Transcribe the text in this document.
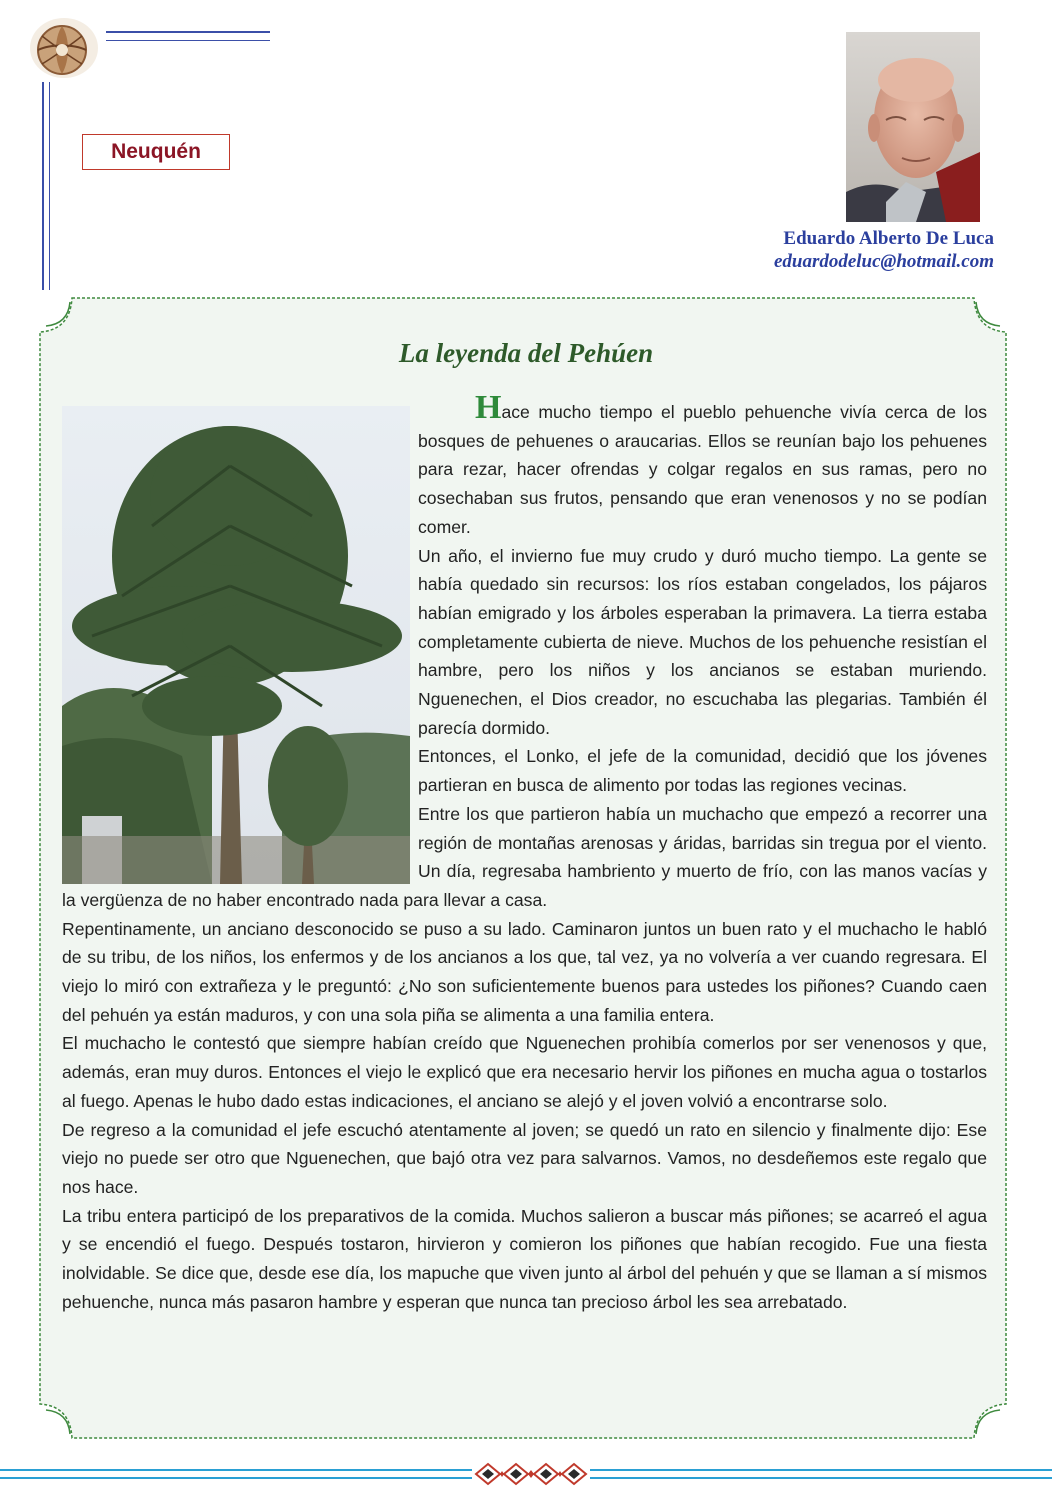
Neuquén
Eduardo Alberto De Luca
eduardodeluc@hotmail.com
La leyenda del Pehúen

Hace mucho tiempo el pueblo pehuenche vivía cerca de los bosques de pehuenes o araucarias. Ellos se reunían bajo los pehuenes para rezar, hacer ofrendas y colgar regalos en sus ramas, pero no cosechaban sus frutos, pensando que eran venenosos y no se podían comer.

Un año, el invierno fue muy crudo y duró mucho tiempo. La gente se había quedado sin recursos: los ríos estaban congelados, los pájaros habían emigrado y los árboles esperaban la primavera. La tierra estaba completamente cubierta de nieve. Muchos de los pehuenche resistían el hambre, pero los niños y los ancianos se estaban muriendo. Nguenechen, el Dios creador, no escuchaba las plegarias. También él parecía dormido.

Entonces, el Lonko, el jefe de la comunidad, decidió que los jóvenes partieran en busca de alimento por todas las regiones vecinas.

Entre los que partieron había un muchacho que empezó a recorrer una región de montañas arenosas y áridas, barridas sin tregua por el viento. Un día, regresaba hambriento y muerto de frío, con las manos vacías y la vergüenza de no haber encontrado nada para llevar a casa.

Repentinamente, un anciano desconocido se puso a su lado. Caminaron juntos un buen rato y el muchacho le habló de su tribu, de los niños, los enfermos y de los ancianos a los que, tal vez, ya no volvería a ver cuando regresara. El viejo lo miró con extrañeza y le preguntó: ¿No son suficientemente buenos para ustedes los piñones? Cuando caen del pehuén ya están maduros, y con una sola piña se alimenta a una familia entera.

El muchacho le contestó que siempre habían creído que Nguenechen prohibía comerlos por ser venenosos y que, además, eran muy duros. Entonces el viejo le explicó que era necesario hervir los piñones en mucha agua o tostarlos al fuego. Apenas le hubo dado estas indicaciones, el anciano se alejó y el joven volvió a encontrarse solo.

De regreso a la comunidad el jefe escuchó atentamente al joven; se quedó un rato en silencio y finalmente dijo: Ese viejo no puede ser otro que Nguenechen, que bajó otra vez para salvarnos. Vamos, no desdeñemos este regalo que nos hace.

La tribu entera participó de los preparativos de la comida. Muchos salieron a buscar más piñones; se acarreó el agua y se encendió el fuego. Después tostaron, hirvieron y comieron los piñones que habían recogido. Fue una fiesta inolvidable. Se dice que, desde ese día, los mapuche que viven junto al árbol del pehuén y que se llaman a sí mismos pehuenche, nunca más pasaron hambre y esperan que nunca tan precioso árbol les sea arrebatado.
